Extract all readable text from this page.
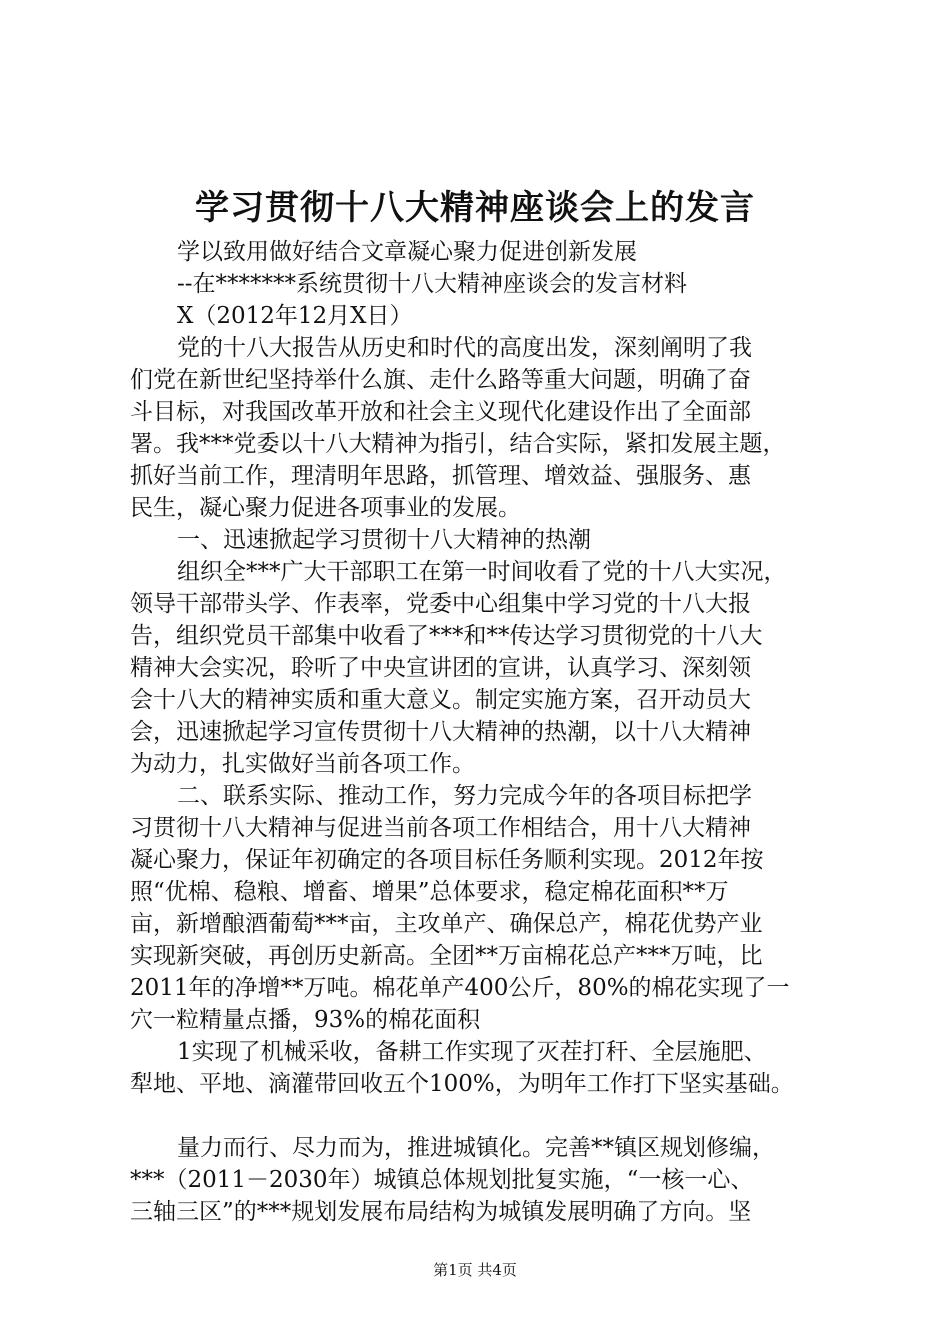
学习贯彻十八大精神座谈会上的发言
学以致用做好结合文章凝心聚力促进创新发展
--在*******系统贯彻十八大精神座谈会的发言材料
X（2012年12月X日）
党的十八大报告从历史和时代的高度出发，深刻阐明了我
们党在新世纪坚持举什么旗、走什么路等重大问题，明确了奋
斗目标，对我国改革开放和社会主义现代化建设作出了全面部
署。我***党委以十八大精神为指引，结合实际，紧扣发展主题，
抓好当前工作，理清明年思路，抓管理、增效益、强服务、惠
民生，凝心聚力促进各项事业的发展。
一、迅速掀起学习贯彻十八大精神的热潮
组织全***广大干部职工在第一时间收看了党的十八大实况，
领导干部带头学、作表率，党委中心组集中学习党的十八大报
告，组织党员干部集中收看了***和**传达学习贯彻党的十八大
精神大会实况，聆听了中央宣讲团的宣讲，认真学习、深刻领
会十八大的精神实质和重大意义。制定实施方案，召开动员大
会，迅速掀起学习宣传贯彻十八大精神的热潮，以十八大精神
为动力，扎实做好当前各项工作。
二、联系实际、推动工作，努力完成今年的各项目标把学
习贯彻十八大精神与促进当前各项工作相结合，用十八大精神
凝心聚力，保证年初确定的各项目标任务顺利实现。2012年按
照“优棉、稳粮、增畜、增果”总体要求，稳定棉花面积**万
亩，新增酿酒葡萄***亩，主攻单产、确保总产，棉花优势产业
实现新突破，再创历史新高。全团**万亩棉花总产***万吨，比
2011年的净增**万吨。棉花单产400公斤，80%的棉花实现了一
穴一粒精量点播，93%的棉花面积
1实现了机械采收，备耕工作实现了灭茬打秆、全层施肥、
犁地、平地、滴灌带回收五个100%，为明年工作打下坚实基础。
量力而行、尽力而为，推进城镇化。完善**镇区规划修编，
***（2011－2030年）城镇总体规划批复实施，“一核一心、
三轴三区”的***规划发展布局结构为城镇发展明确了方向。坚
第1页 共4页
